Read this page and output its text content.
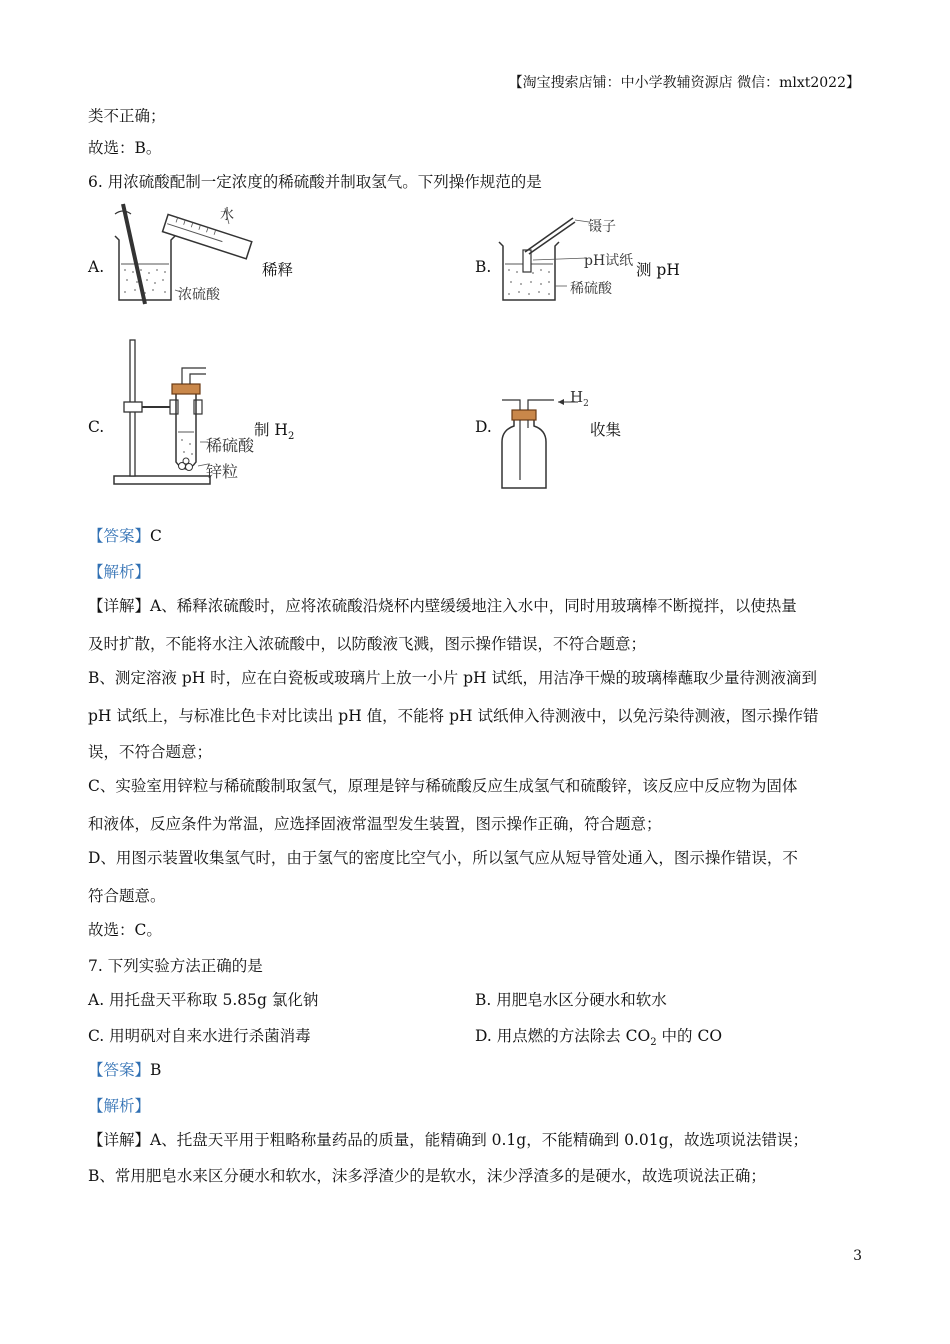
【淘宝搜索店铺：中小学教辅资源店 微信：mlxt2022】
类不正确；
故选：B。
6. 用浓硫酸配制一定浓度的稀硫酸并制取氢气。下列操作规范的是
A.
水
浓硫酸
稀释	B.
镊子
pH试纸 测 pH
稀硫酸
C.
稀硫酸
锌粒
制 $H_2$
D.
$H_2$
收集
【答案】C
【解析】
【详解】A、稀释浓硫酸时，应将浓硫酸沿烧杯内壁缓缓地注入水中，同时用玻璃棒不断搅拌，以使热量
及时扩散，不能将水注入浓硫酸中，以防酸液飞溅，图示操作错误，不符合题意；
B、测定溶液 pH 时，应在白瓷板或玻璃片上放一小片 pH 试纸，用洁净干燥的玻璃棒蘸取少量待测液滴到
pH 试纸上，与标准比色卡对比读出 pH 值，不能将 pH 试纸伸入待测液中，以免污染待测液，图示操作错
误，不符合题意；
C、实验室用锌粒与稀硫酸制取氢气，原理是锌与稀硫酸反应生成氢气和硫酸锌，该反应中反应物为固体
和液体，反应条件为常温，应选择固液常温型发生装置，图示操作正确，符合题意；
D、用图示装置收集氢气时，由于氢气的密度比空气小，所以氢气应从短导管处通入，图示操作错误，不
符合题意。
故选：C。
7. 下列实验方法正确的是
A. 用托盘天平称取 5.85g 氯化钠	B. 用肥皂水区分硬水和软水
C. 用明矾对自来水进行杀菌消毒	D. 用点燃的方法除去 $CO_2$ 中的 CO
【答案】B
【解析】
【详解】A、托盘天平用于粗略称量药品的质量，能精确到 0.1g，不能精确到 0.01g，故选项说法错误；
B、常用肥皂水来区分硬水和软水，沫多浮渣少的是软水，沫少浮渣多的是硬水，故选项说法正确；
3
